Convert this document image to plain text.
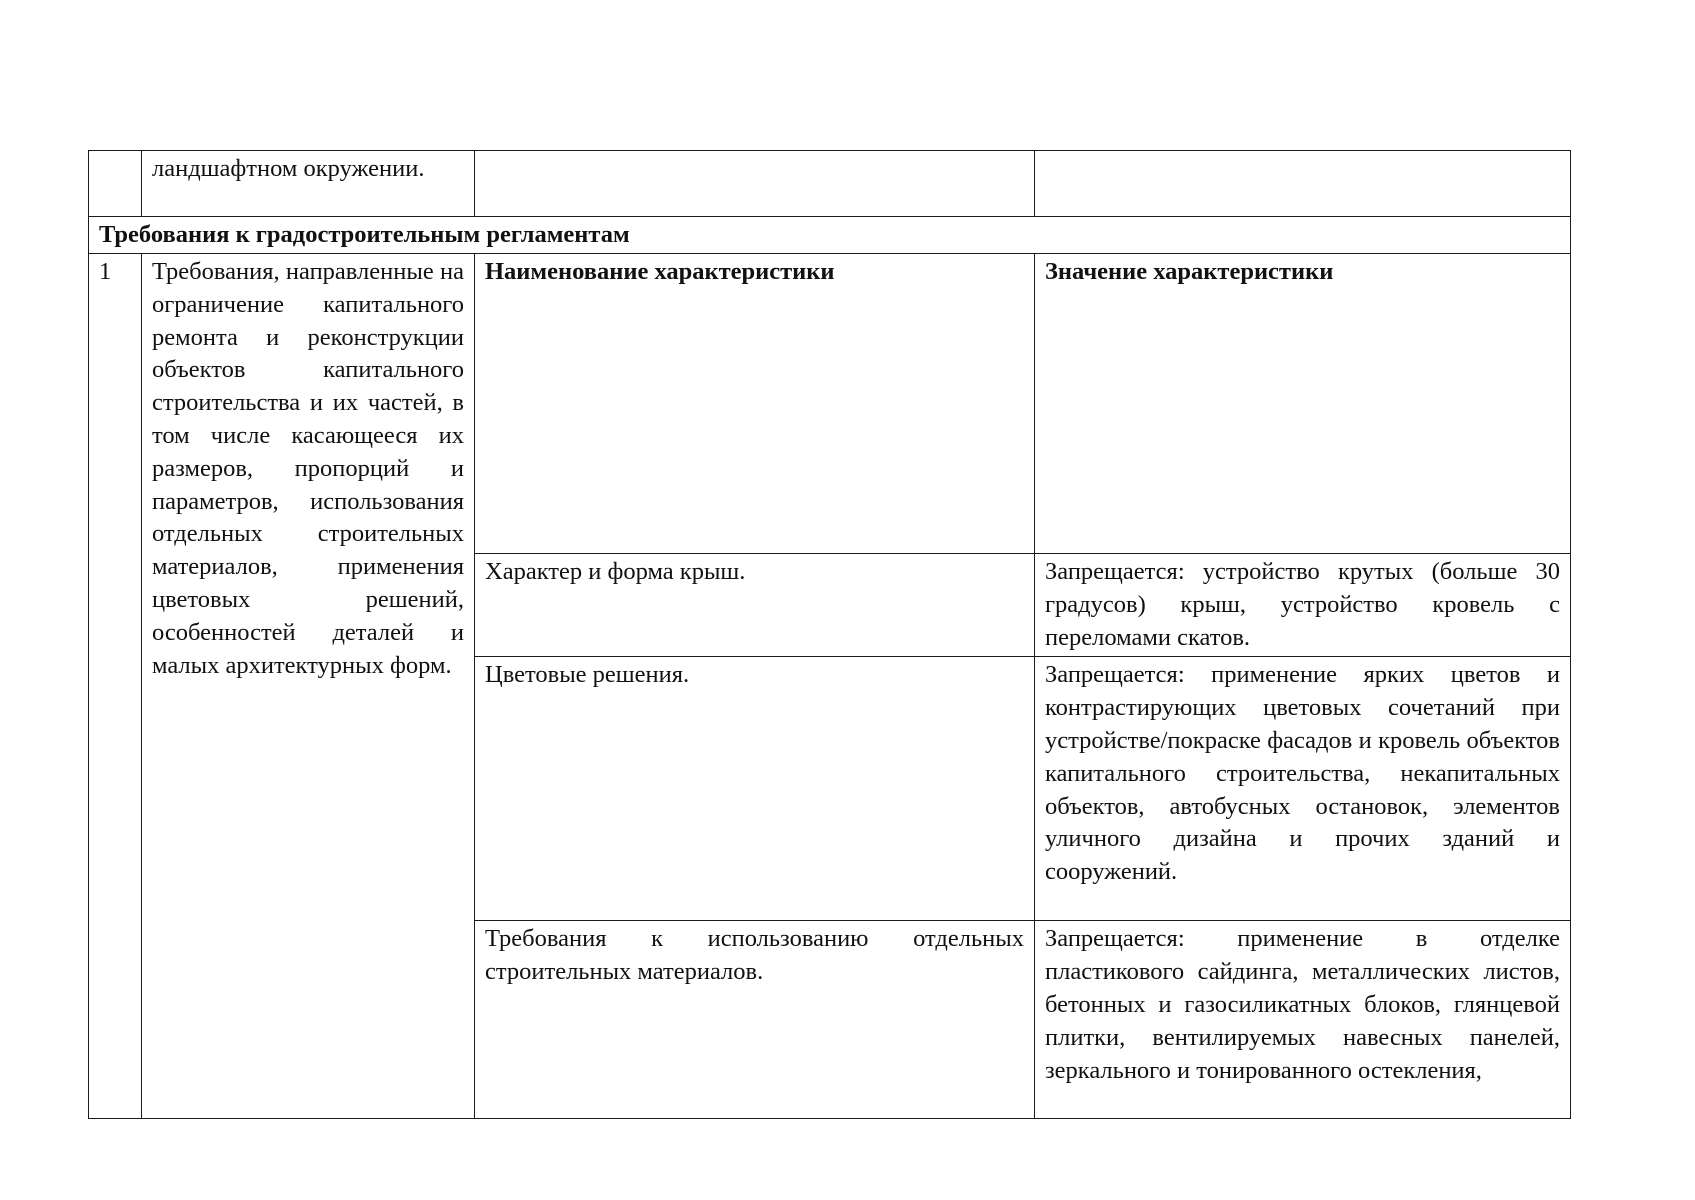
	ландшафтном окружении.		
Требования к градостроительным регламентам			
1	Требования, направленные на ограничение капитального ремонта и реконструкции объектов капитального строительства и их частей, в том числе касающееся их размеров, пропорций и параметров, использования отдельных строительных материалов, применения цветовых решений, особенностей деталей и малых архитектурных форм.	Наименование характеристики	Значение характеристики
		Характер и форма крыш.	Запрещается: устройство крутых (больше 30 градусов) крыш, устройство кровель с переломами скатов.
		Цветовые решения.	Запрещается: применение ярких цветов и контрастирующих цветовых сочетаний при устройстве/покраске фасадов и кровель объектов капитального строительства, некапитальных объектов, автобусных остановок, элементов уличного дизайна и прочих зданий и сооружений.
		Требования к использованию отдельных строительных материалов.	Запрещается: применение в отделке пластикового сайдинга, металлических листов, бетонных и газосиликатных блоков, глянцевой плитки, вентилируемых навесных панелей, зеркального и тонированного остекления,
